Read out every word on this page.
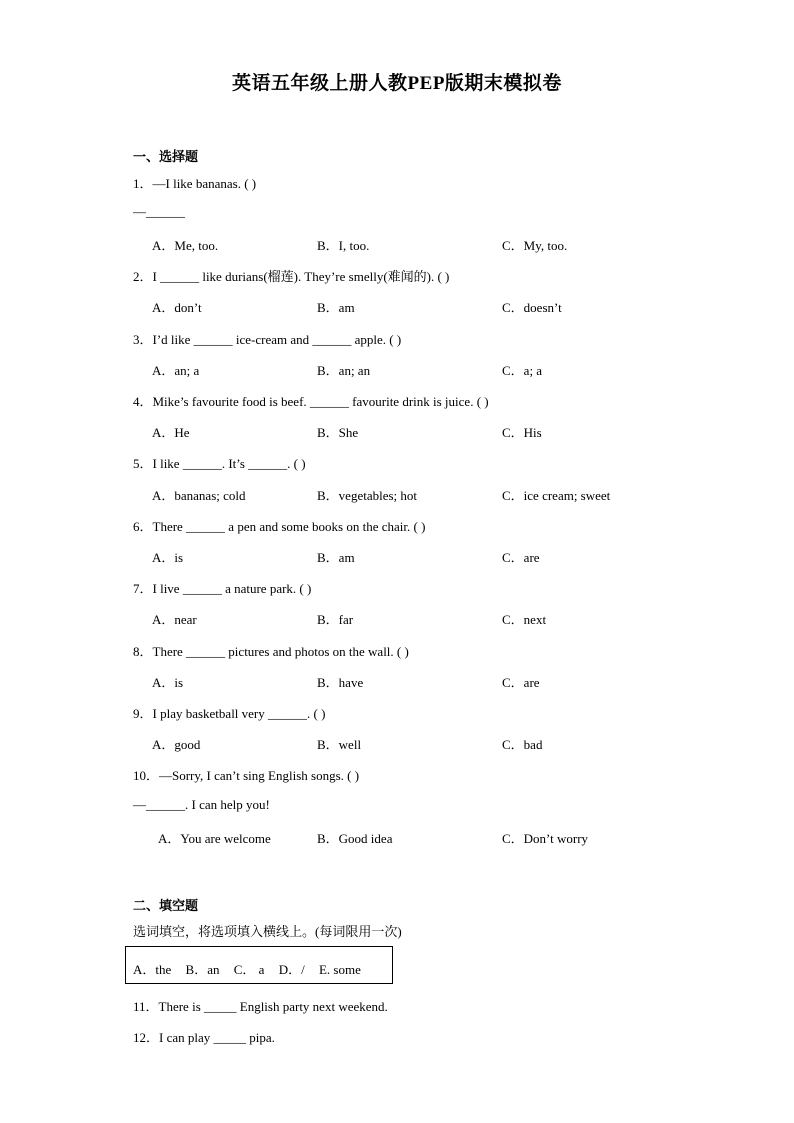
英语五年级上册人教PEP版期末模拟卷
一、选择题
1．—I like bananas. ( )
—______
A．Me, too.	B．I, too.	C．My, too.
2．I ______ like durians(榴莲). They’re smelly(难闻的). ( )
A．don’t	B．am	C．doesn’t
3．I’d like ______ ice-cream and ______ apple. ( )
A．an; a	B．an; an	C．a; a
4．Mike’s favourite food is beef. ______ favourite drink is juice. ( )
A．He	B．She	C．His
5．I like ______. It’s ______. ( )
A．bananas; cold	B．vegetables; hot	C．ice cream; sweet
6．There ______ a pen and some books on the chair. ( )
A．is	B．am	C．are
7．I live ______ a nature park. ( )
A．near	B．far	C．next
8．There ______ pictures and photos on the wall. ( )
A．is	B．have	C．are
9．I play basketball very ______. ( )
A．good	B．well	C．bad
10．—Sorry, I can’t sing English songs. ( )
—______. I can help you!
A．You are welcome	B．Good idea	C．Don’t worry
二、填空题
选词填空，将选项填入横线上。(每词限用一次)
A．the B．an C． a D．/ E. some
11．There is _____ English party next weekend.
12．I can play _____ pipa.
